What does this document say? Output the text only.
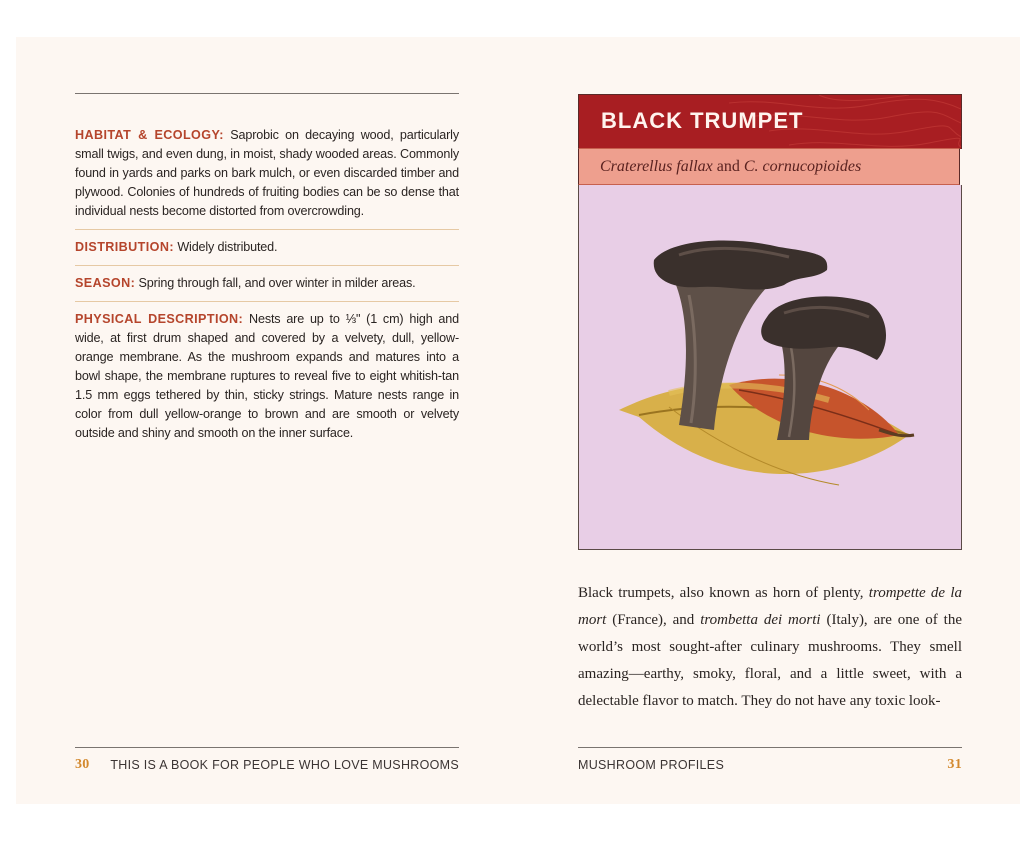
HABITAT & ECOLOGY: Saprobic on decaying wood, particularly small twigs, and even dung, in moist, shady wooded areas. Commonly found in yards and parks on bark mulch, or even discarded timber and plywood. Colonies of hundreds of fruiting bodies can be so dense that individual nests become distorted from overcrowding.
DISTRIBUTION: Widely distributed.
SEASON: Spring through fall, and over winter in milder areas.
PHYSICAL DESCRIPTION: Nests are up to ⅓" (1 cm) high and wide, at first drum shaped and covered by a velvety, dull, yellow-orange membrane. As the mushroom expands and matures into a bowl shape, the membrane ruptures to reveal five to eight whitish-tan 1.5 mm eggs tethered by thin, sticky strings. Mature nests range in color from dull yellow-orange to brown and are smooth or velvety outside and shiny and smooth on the inner surface.
30 THIS IS A BOOK FOR PEOPLE WHO LOVE MUSHROOMS
BLACK TRUMPET
Craterellus fallax and C. cornucopioides
Black trumpets, also known as horn of plenty, trompette de la mort (France), and trombetta dei morti (Italy), are one of the world’s most sought-after culinary mushrooms. They smell amazing—earthy, smoky, floral, and a little sweet, with a delectable flavor to match. They do not have any toxic look-
MUSHROOM PROFILES	31
